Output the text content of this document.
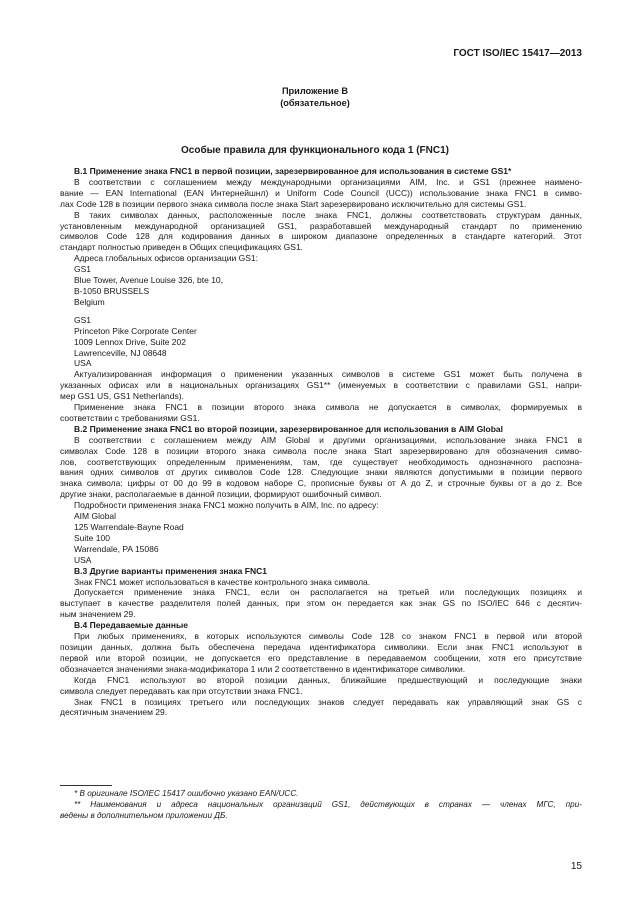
ГОСТ ISO/IEC 15417—2013
Приложение В
(обязательное)
Особые правила для функционального кода 1 (FNC1)
В.1 Применение знака FNC1 в первой позиции, зарезервированное для использования в системе GS1*
В соответствии с соглашением между международными организациями AIM, Inc. и GS1 (прежнее наимено-
вание — EAN International (EAN Интернейшнл) и Uniform Code Council (UCC)) использование знака FNC1 в симво-
лах Code 128 в позиции первого знака символа после знака Start зарезервировано исключительно для системы GS1.
В таких символах данных, расположенные после знака FNC1, должны соответствовать структурам данных,
установленным международной организацией GS1, разработавшей международный стандарт по применению
символов Code 128 для кодирования данных в широком диапазоне определенных в стандарте категорий. Этот
стандарт полностью приведен в Общих спецификациях GS1.
Адреса глобальных офисов организации GS1:
GS1
Blue Tower, Avenue Louise 326, bte 10,
B-1050 BRUSSELS
Belgium
GS1
Princeton Pike Corporate Center
1009 Lennox Drive, Suite 202
Lawrenceville, NJ 08648
USA
Актуализированная информация о применении указанных символов в системе GS1 может быть получена в
указанных офисах или в национальных организациях GS1** (именуемых в соответствии с правилами GS1, напри-
мер GS1 US, GS1 Netherlands).
Применение знака FNC1 в позиции второго знака символа не допускается в символах, формируемых в
соответствии с требованиями GS1.
В.2 Применение знака FNC1 во второй позиции, зарезервированное для использования в AIM Global
В соответствии с соглашением между AIM Global и другими организациями, использование знака FNC1 в
символах Code 128 в позиции второго знака символа после знака Start зарезервировано для обозначения симво-
лов, соответствующих определенным применениям, там, где существует необходимость однозначного распозна-
вания одних символов от других символов Code 128. Следующие знаки являются допустимыми в позиции первого
знака символа: цифры от 00 до 99 в кодовом наборе С, прописные буквы от A до Z, и строчные буквы от a до z. Все
другие знаки, располагаемые в данной позиции, формируют ошибочный символ.
Подробности применения знака FNC1 можно получить в AIM, Inc. по адресу:
AIM Global
125 Warrendale-Bayne Road
Suite 100
Warrendale, PA 15086
USA
В.3 Другие варианты применения знака FNC1
Знак FNC1 может использоваться в качестве контрольного знака символа.
Допускается применение знака FNC1, если он располагается на третьей или последующих позициях и
выступает в качестве разделителя полей данных, при этом он передается как знак GS по ISO/IEC 646 с десятич-
ным значением 29.
В.4 Передаваемые данные
При любых применениях, в которых используются символы Code 128 со знаком FNC1 в первой или второй
позиции данных, должна быть обеспечена передача идентификатора символики. Если знак FNC1 используют в
первой или второй позиции, не допускается его представление в передаваемом сообщении, хотя его присутствие
обозначается значениями знака-модификатора 1 или 2 соответственно в идентификаторе символики.
Когда FNC1 используют во второй позиции данных, ближайшие предшествующий и последующие знаки
символа следует передавать как при отсутствии знака FNC1.
Знак FNC1 в позициях третьего или последующих знаков следует передавать как управляющий знак GS с
десятичным значением 29.
* В оригинале ISO/IEC 15417 ошибочно указано EAN/UCC.
** Наименования и адреса национальных организаций GS1, действующих в странах — членах МГС, при-
ведены в дополнительном приложении ДБ.
15
